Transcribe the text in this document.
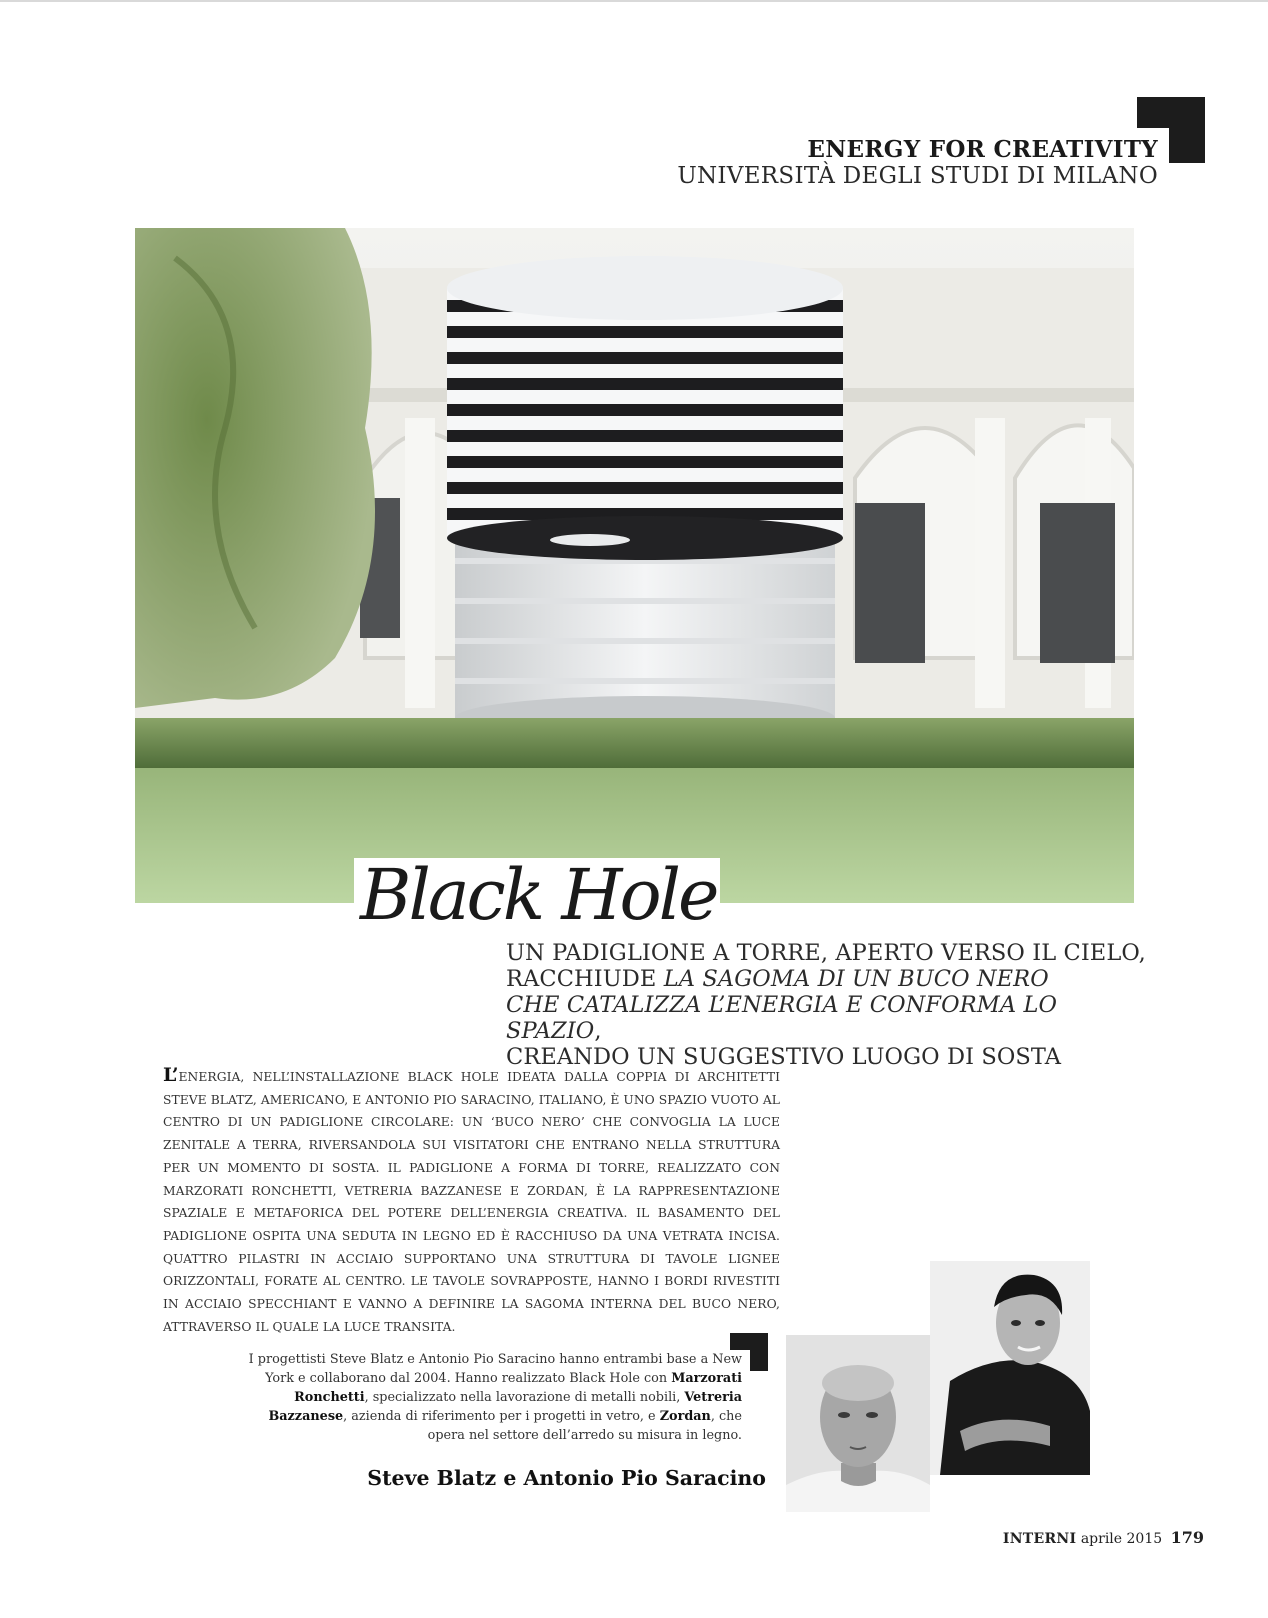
ENERGY FOR CREATIVITY
UNIVERSITÀ DEGLI STUDI DI MILANO
Black Hole
UN PADIGLIONE A TORRE, APERTO VERSO IL CIELO,
RACCHIUDE LA SAGOMA DI UN BUCO NERO
CHE CATALIZZA L’ENERGIA E CONFORMA LO SPAZIO,
CREANDO UN SUGGESTIVO LUOGO DI SOSTA
L’ENERGIA, NELL’INSTALLAZIONE BLACK HOLE IDEATA DALLA COPPIA DI ARCHITETTI STEVE BLATZ, AMERICANO, E ANTONIO PIO SARACINO, ITALIANO, È UNO SPAZIO VUOTO AL CENTRO DI UN PADIGLIONE CIRCOLARE: UN ‘BUCO NERO’ CHE CONVOGLIA LA LUCE ZENITALE A TERRA, RIVERSANDOLA SUI VISITATORI CHE ENTRANO NELLA STRUTTURA PER UN MOMENTO DI SOSTA. IL PADIGLIONE A FORMA DI TORRE, REALIZZATO CON MARZORATI RONCHETTI, VETRERIA BAZZANESE E ZORDAN, È LA RAPPRESENTAZIONE SPAZIALE E METAFORICA DEL POTERE DELL’ENERGIA CREATIVA. IL BASAMENTO DEL PADIGLIONE OSPITA UNA SEDUTA IN LEGNO ED È RACCHIUSO DA UNA VETRATA INCISA. QUATTRO PILASTRI IN ACCIAIO SUPPORTANO UNA STRUTTURA DI TAVOLE LIGNEE ORIZZONTALI, FORATE AL CENTRO. LE TAVOLE SOVRAPPOSTE, HANNO I BORDI RIVESTITI IN ACCIAIO SPECCHIANT E VANNO A DEFINIRE LA SAGOMA INTERNA DEL BUCO NERO, ATTRAVERSO IL QUALE LA LUCE TRANSITA.
I progettisti Steve Blatz e Antonio Pio Saracino hanno entrambi base a New York e collaborano dal 2004. Hanno realizzato Black Hole con Marzorati Ronchetti, specializzato nella lavorazione di metalli nobili, Vetreria Bazzanese, azienda di riferimento per i progetti in vetro, e Zordan, che opera nel settore dell’arredo su misura in legno.
Steve Blatz e Antonio Pio Saracino
INTERNI aprile 2015 179
